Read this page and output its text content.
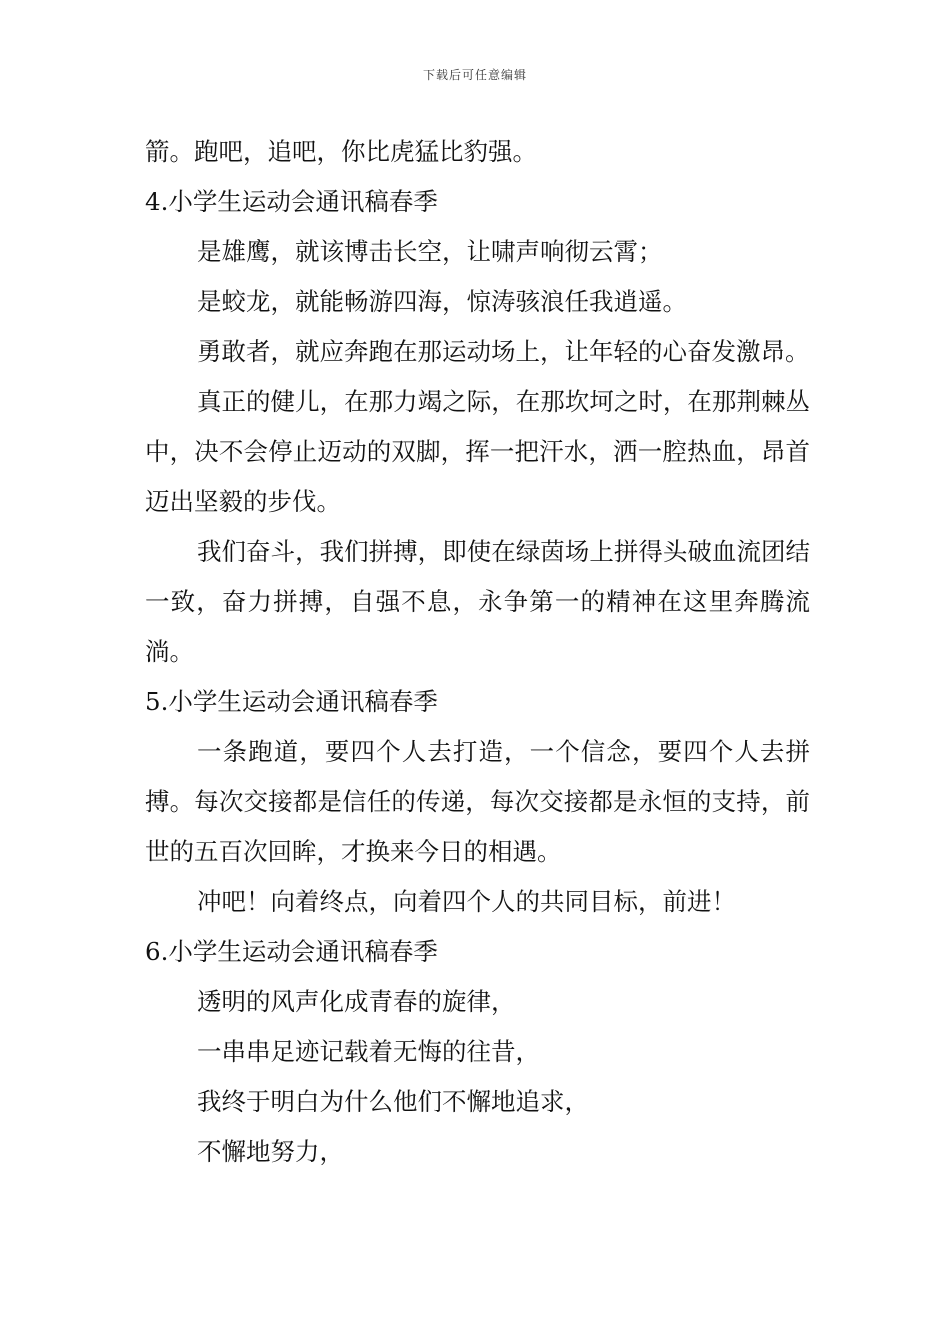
下载后可任意编辑

箭。跑吧，追吧，你比虎猛比豹强。

4.小学生运动会通讯稿春季

是雄鹰，就该博击长空，让啸声响彻云霄；

是蛟龙，就能畅游四海，惊涛骇浪任我逍遥。

勇敢者，就应奔跑在那运动场上，让年轻的心奋发激昂。

真正的健儿，在那力竭之际，在那坎坷之时，在那荆棘丛中，决不会停止迈动的双脚，挥一把汗水，洒一腔热血，昂首迈出坚毅的步伐。

我们奋斗，我们拼搏，即使在绿茵场上拼得头破血流团结一致，奋力拼搏，自强不息，永争第一的精神在这里奔腾流淌。

5.小学生运动会通讯稿春季

一条跑道，要四个人去打造，一个信念，要四个人去拼搏。每次交接都是信任的传递，每次交接都是永恒的支持，前世的五百次回眸，才换来今日的相遇。

冲吧！向着终点，向着四个人的共同目标，前进！

6.小学生运动会通讯稿春季

透明的风声化成青春的旋律，

一串串足迹记载着无悔的往昔，

我终于明白为什么他们不懈地追求，

不懈地努力，
